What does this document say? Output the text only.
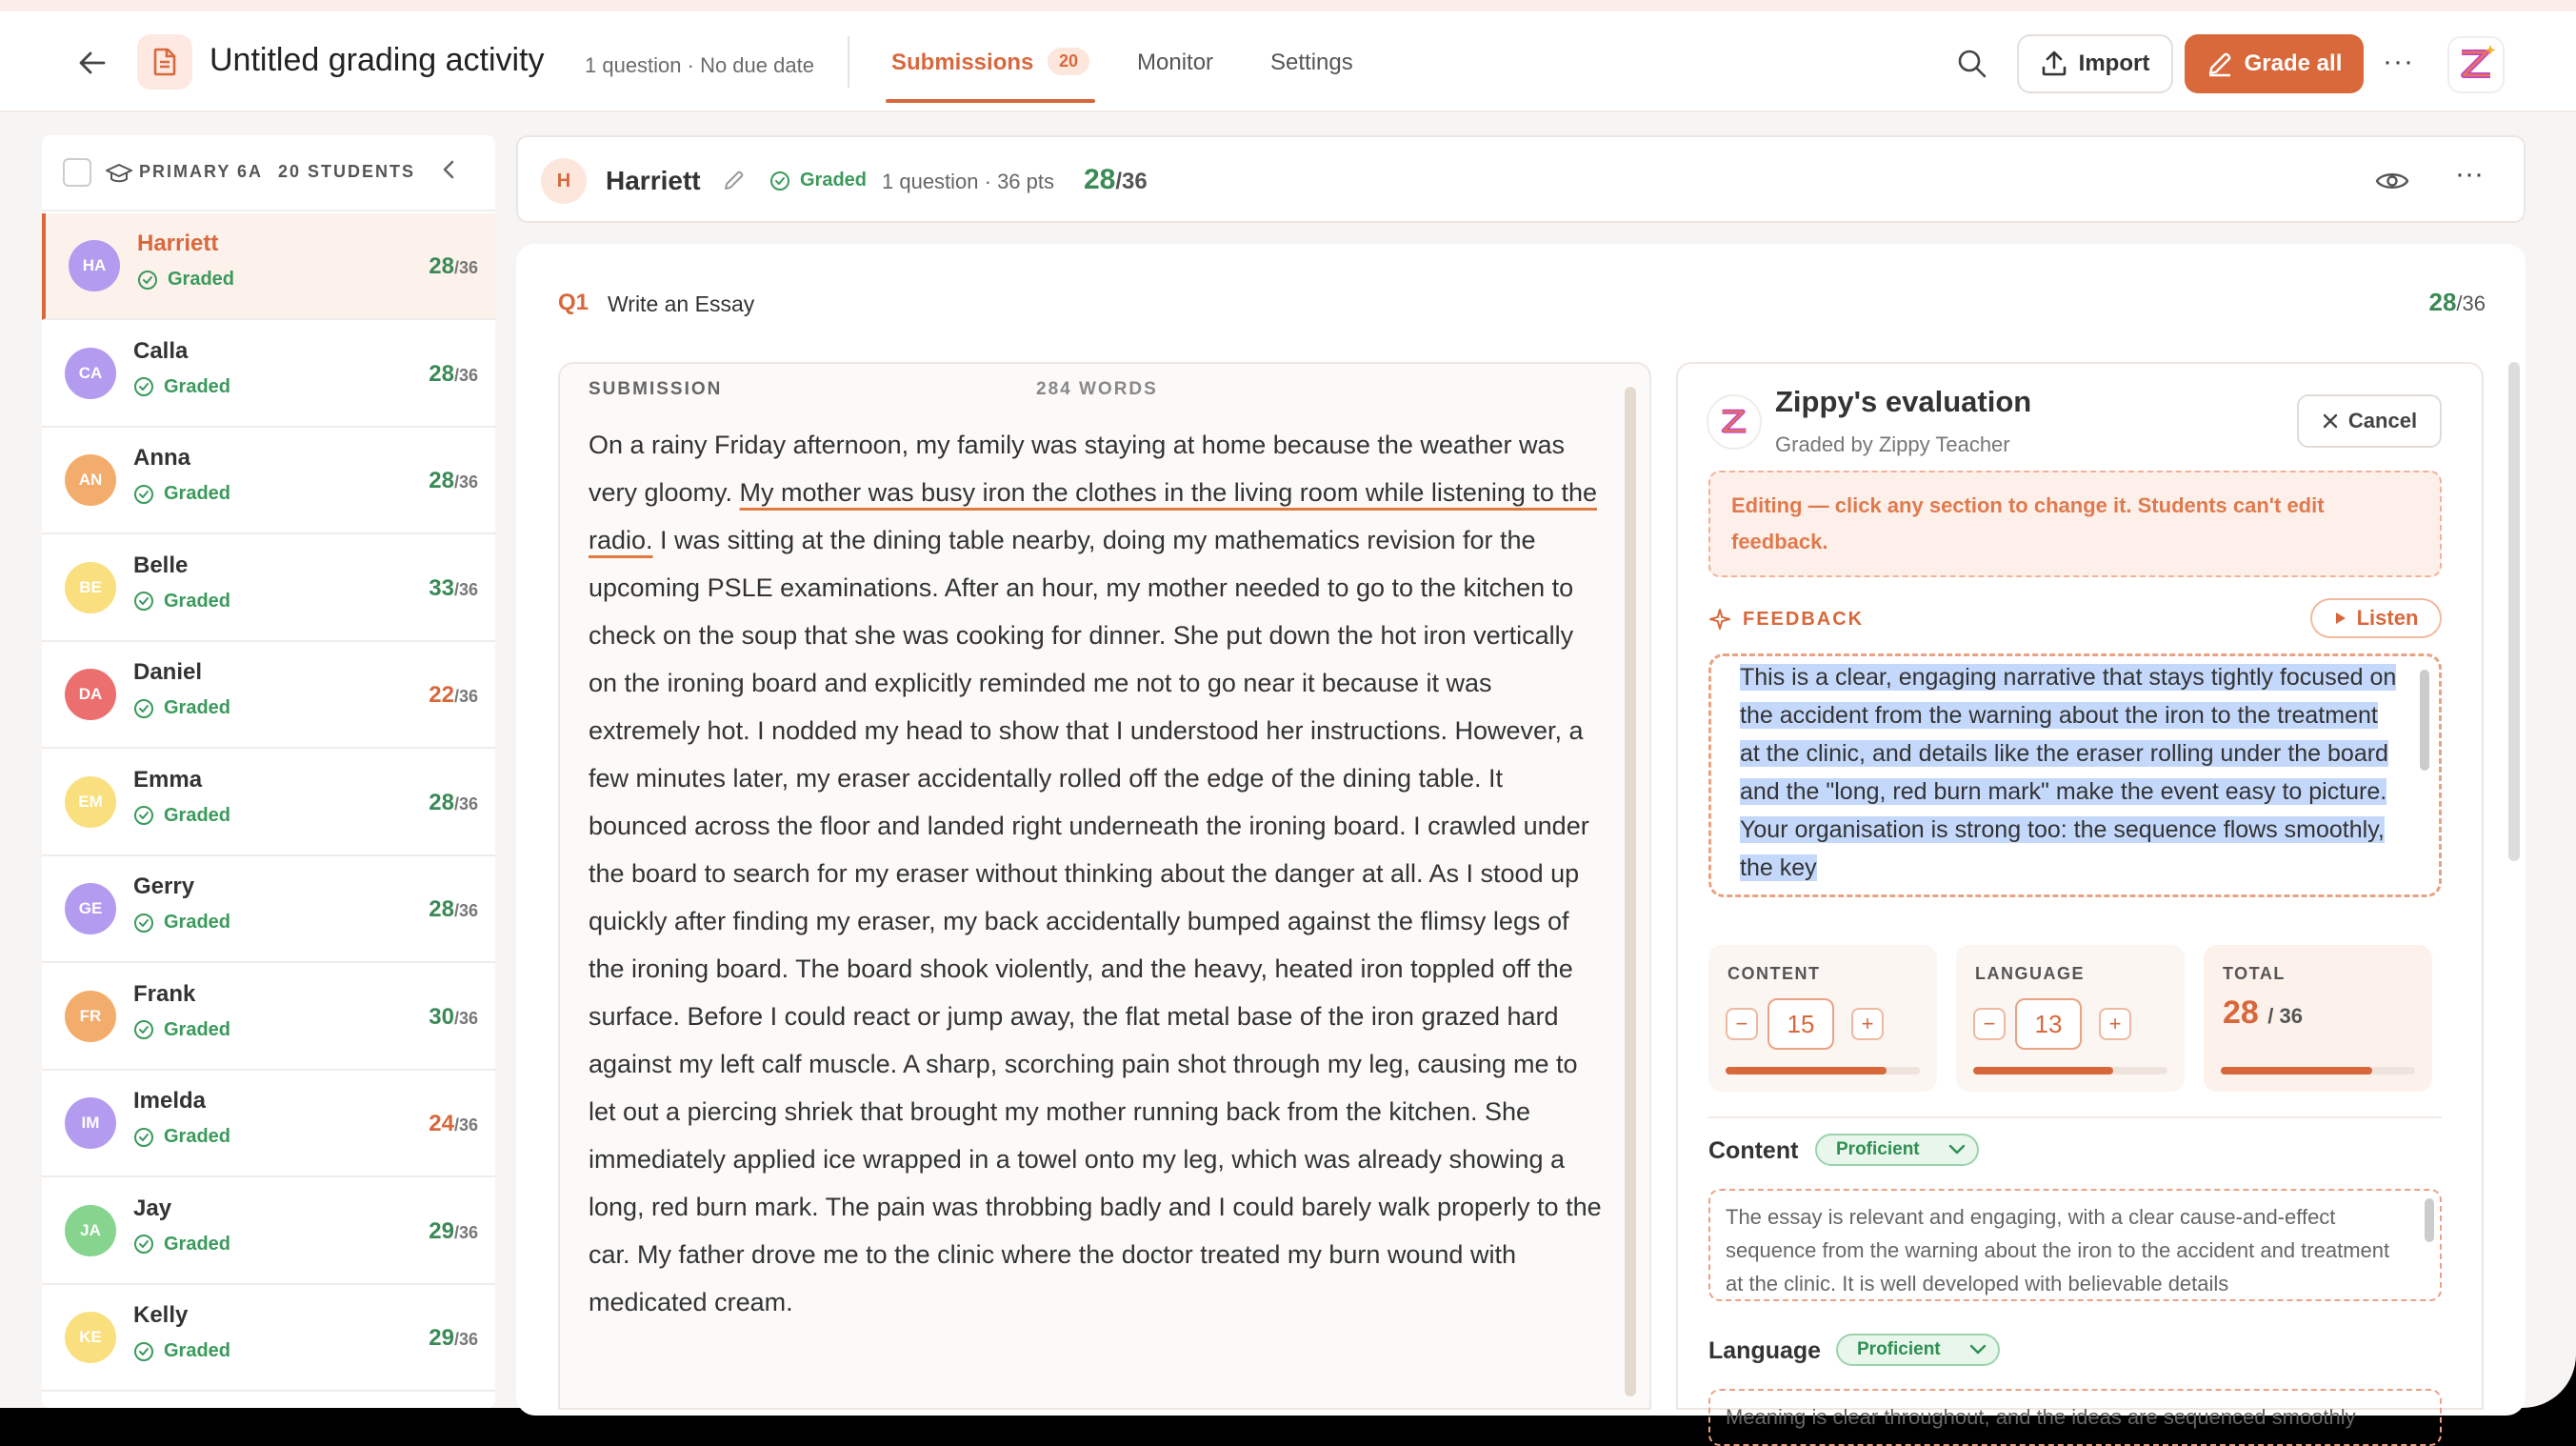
Untitled grading activity 1 question · No due date	Submissions	20	Monitor Settings	Import	Grade all ···
PRIMARY 6A 20 STUDENTS
HA
Harriett
Graded	28/36
CA
Calla
Graded	28/36
AN
Anna
Graded	28/36
BE
Belle
Graded	33/36
DA
Daniel
Graded	22/36
EM
Emma
Graded	28/36
GE
Gerry
Graded	28/36
FR
Frank
Graded	30/36
IM
Imelda
Graded	24/36
JA
Jay
Graded	29/36
KE
Kelly
Graded	29/36
H	Harriett	Graded 1 question · 36 pts 28/36	···
Q1 Write an Essay	28/36
SUBMISSION	284 WORDS
On a rainy Friday afternoon, my family was staying at home because the weather was very gloomy. My mother was busy iron the clothes in the living room while listening to the radio. I was sitting at the dining table nearby, doing my mathematics revision for the upcoming PSLE examinations. After an hour, my mother needed to go to the kitchen to check on the soup that she was cooking for dinner. She put down the hot iron vertically on the ironing board and explicitly reminded me not to go near it because it was extremely hot. I nodded my head to show that I understood her instructions. However, a few minutes later, my eraser accidentally rolled off the edge of the dining table. It bounced across the floor and landed right underneath the ironing board. I crawled under the board to search for my eraser without thinking about the danger at all. As I stood up quickly after finding my eraser, my back accidentally bumped against the flimsy legs of the ironing board. The board shook violently, and the heavy, heated iron toppled off the surface. Before I could react or jump away, the flat metal base of the iron grazed hard against my left calf muscle. A sharp, scorching pain shot through my leg, causing me to let out a piercing shriek that brought my mother running back from the kitchen. She immediately applied ice wrapped in a towel onto my leg, which was already showing a long, red burn mark. The pain was throbbing badly and I could barely walk properly to the car. My father drove me to the clinic where the doctor treated my burn wound with medicated cream.
Zippy's evaluation
Graded by Zippy Teacher
Cancel
Editing — click any section to change it. Students can't edit feedback.
FEEDBACK	Listen
This is a clear, engaging narrative that stays tightly focused on the accident from the warning about the iron to the treatment at the clinic, and details like the eraser rolling under the board and the "long, red burn mark" make the event easy to picture. Your organisation is strong too: the sequence flows smoothly, the key
CONTENT
−	15	+
LANGUAGE
−	13	+
TOTAL
28 / 36
Content Proficient
The essay is relevant and engaging, with a clear cause-and-effect sequence from the warning about the iron to the accident and treatment at the clinic. It is well developed with believable details
Language Proficient
Meaning is clear throughout, and the ideas are sequenced smoothly
